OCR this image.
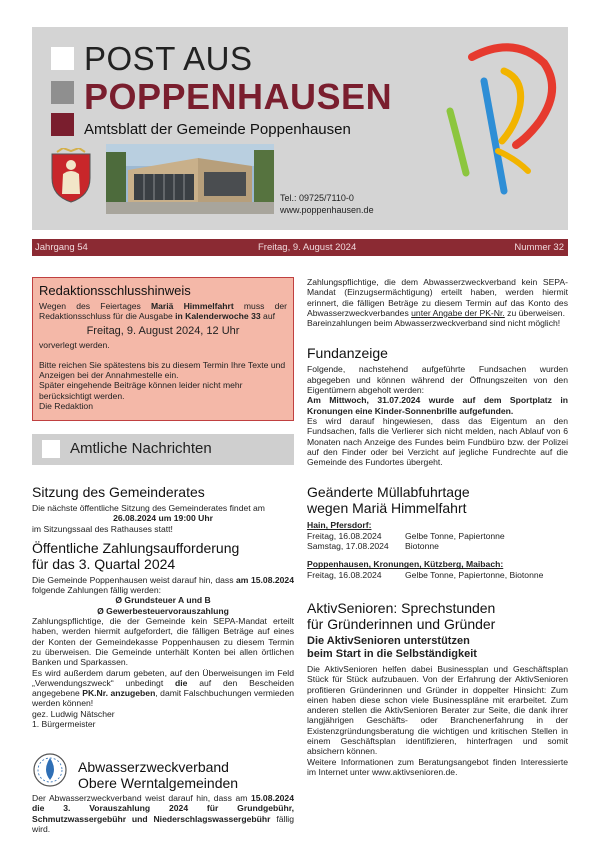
POST AUS
POPPENHAUSEN
Amtsblatt der Gemeinde Poppenhausen
Tel.: 09725/7110-0
www.poppenhausen.de
Jahrgang 54	Freitag, 9. August 2024	Nummer 32
Redaktionsschlusshinweis

Wegen des Feiertages Mariä Himmelfahrt muss der Redaktionsschluss für die Ausgabe in Kalenderwoche 33 auf

Freitag, 9. August 2024, 12 Uhr

vorverlegt werden.

Bitte reichen Sie spätestens bis zu diesem Termin Ihre Texte und Anzeigen bei der Annahmestelle ein.

Später eingehende Beiträge können leider nicht mehr berücksichtigt werden.

Die Redaktion

Amtliche Nachrichten
Sitzung des Gemeinderates

Die nächste öffentliche Sitzung des Gemeinderates findet am

26.08.2024 um 19:00 Uhr

im Sitzungssaal des Rathauses statt!

Öffentliche Zahlungsaufforderung
für das 3. Quartal 2024

Die Gemeinde Poppenhausen weist darauf hin, dass am 15.08.2024 folgende Zahlungen fällig werden:

Ø Grundsteuer A und B

Ø Gewerbesteuervorauszahlung

Zahlungspflichtige, die der Gemeinde kein SEPA-Mandat erteilt haben, werden hiermit aufgefordert, die fälligen Beträge auf eines der Konten der Gemeindekasse Poppenhausen zu diesem Termin zu überweisen. Die Gemeinde unterhält Konten bei allen örtlichen Banken und Sparkassen.

Es wird außerdem darum gebeten, auf den Überweisungen im Feld „Verwendungszweck“ unbedingt die auf den Bescheiden angegebene PK.Nr. anzugeben, damit Falschbuchungen vermieden werden können!

gez. Ludwig Nätscher

1. Bürgermeister

Abwasserzweckverband
Obere Werntalgemeinden
Der Abwasserzweckverband weist darauf hin, dass am 15.08.2024 die 3. Vorauszahlung 2024 für Grundgebühr, Schmutzwassergebühr und Niederschlagswassergebühr fällig wird.

Zahlungspflichtige, die dem Abwasserzweckverband kein SEPA-Mandat (Einzugsermächtigung) erteilt haben, werden hiermit erinnert, die fälligen Beträge zu diesem Termin auf das Konto des Abwasserzweckverbandes unter Angabe der PK-Nr. zu überweisen.

Bareinzahlungen beim Abwasserzweckverband sind nicht möglich!

Fundanzeige

Folgende, nachstehend aufgeführte Fundsachen wurden abgegeben und können während der Öffnungszeiten von den Eigentümern abgeholt werden:

Am Mittwoch, 31.07.2024 wurde auf dem Sportplatz in Kronungen eine Kinder-Sonnenbrille aufgefunden.

Es wird darauf hingewiesen, dass das Eigentum an den Fundsachen, falls die Verlierer sich nicht melden, nach Ablauf von 6 Monaten nach Anzeige des Fundes beim Fundbüro bzw. der Polizei auf den Finder oder bei Verzicht auf jegliche Fundrechte auf die Gemeinde des Fundortes übergeht.

Geänderte Müllabfuhrtage
wegen Mariä Himmelfahrt

Hain, Pfersdorf:

Freitag, 16.08.2024	Gelbe Tonne, Papiertonne
Samstag, 17.08.2024	Biotonne

Poppenhausen, Kronungen, Kützberg, Maibach:

Freitag, 16.08.2024	Gelbe Tonne, Papiertonne, Biotonne
AktivSenioren: Sprechstunden
für Gründerinnen und Gründer
Die AktivSenioren unterstützen
beim Start in die Selbständigkeit

Die AktivSenioren helfen dabei Businessplan und Geschäftsplan Stück für Stück aufzubauen. Von der Erfahrung der AktivSenioren profitieren Gründerinnen und Gründer in doppelter Hinsicht: Zum einen haben diese schon viele Businesspläne mit erarbeitet. Zum anderen stellen die AktivSenioren Berater zur Seite, die dank ihrer langjährigen Geschäfts- oder Branchenerfahrung in der Existenzgründungsberatung die wichtigen und kritischen Stellen in einem Geschäftsplan identifizieren, hinterfragen und somit absichern können.

Weitere Informationen zum Beratungsangebot finden Interessierte im Internet unter www.aktivsenioren.de.
